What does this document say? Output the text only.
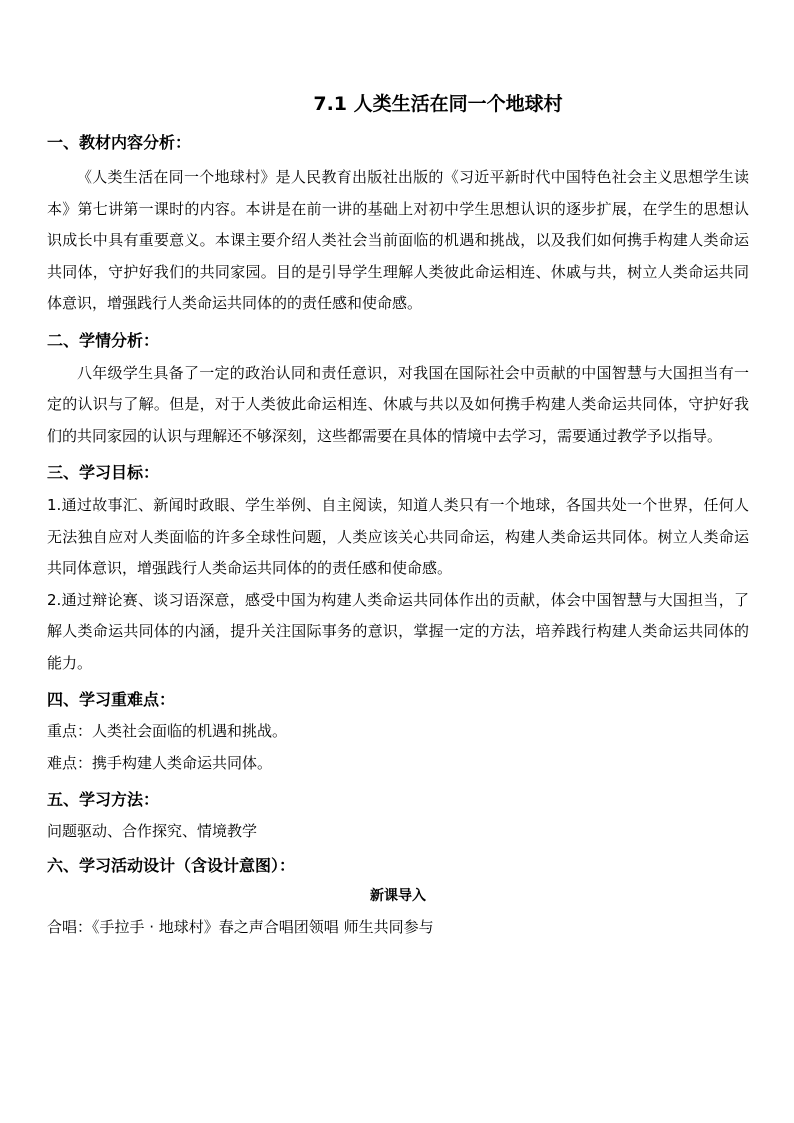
7.1 人类生活在同一个地球村

一、教材内容分析：

《人类生活在同一个地球村》是人民教育出版社出版的《习近平新时代中国特色社会主义思想学生读本》第七讲第一课时的内容。本讲是在前一讲的基础上对初中学生思想认识的逐步扩展，在学生的思想认识成长中具有重要意义。本课主要介绍人类社会当前面临的机遇和挑战，以及我们如何携手构建人类命运共同体，守护好我们的共同家园。目的是引导学生理解人类彼此命运相连、休戚与共，树立人类命运共同体意识，增强践行人类命运共同体的的责任感和使命感。

二、学情分析：

八年级学生具备了一定的政治认同和责任意识，对我国在国际社会中贡献的中国智慧与大国担当有一定的认识与了解。但是，对于人类彼此命运相连、休戚与共以及如何携手构建人类命运共同体，守护好我们的共同家园的认识与理解还不够深刻，这些都需要在具体的情境中去学习，需要通过教学予以指导。

三、学习目标：

1.通过故事汇、新闻时政眼、学生举例、自主阅读，知道人类只有一个地球，各国共处一个世界，任何人无法独自应对人类面临的许多全球性问题，人类应该关心共同命运，构建人类命运共同体。树立人类命运共同体意识，增强践行人类命运共同体的的责任感和使命感。

2.通过辩论赛、谈习语深意，感受中国为构建人类命运共同体作出的贡献，体会中国智慧与大国担当，了解人类命运共同体的内涵，提升关注国际事务的意识，掌握一定的方法，培养践行构建人类命运共同体的能力。

四、学习重难点：

重点：人类社会面临的机遇和挑战。

难点：携手构建人类命运共同体。

五、学习方法：

问题驱动、合作探究、情境教学

六、学习活动设计（含设计意图）：

新课导入

合唱：《手拉手 · 地球村》春之声合唱团领唱 师生共同参与
